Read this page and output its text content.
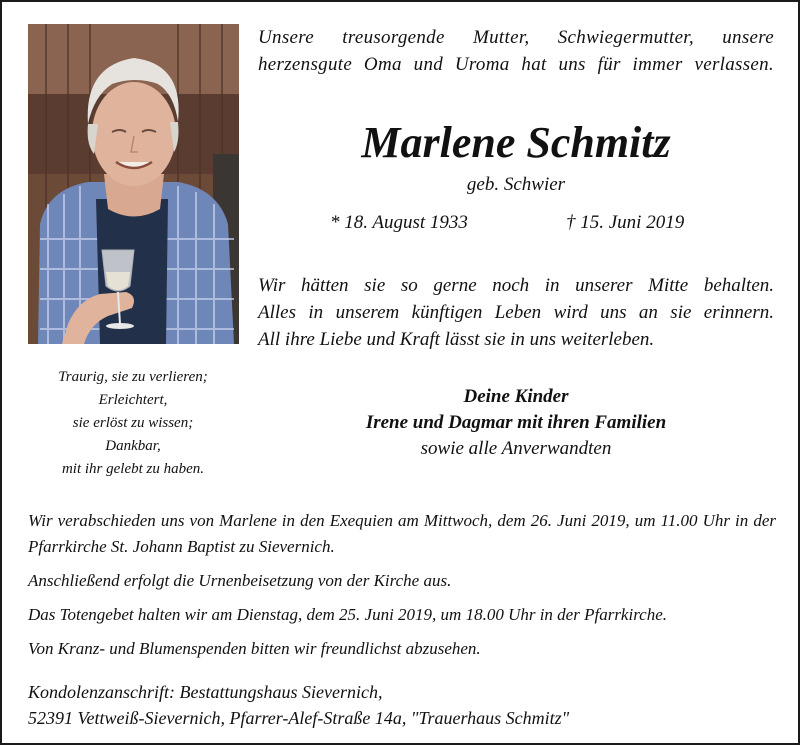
Unsere treusorgende Mutter, Schwiegermutter, unsere
herzensgute Oma und Uroma hat uns für immer verlassen.
Marlene Schmitz
geb. Schwier
* 18. August 1933	† 15. Juni 2019
Wir hätten sie so gerne noch in unserer Mitte behalten.
Alles in unserem künftigen Leben wird uns an sie erinnern.
All ihre Liebe und Kraft lässt sie in uns weiterleben.
Traurig, sie zu verlieren;
Erleichtert,
sie erlöst zu wissen;
Dankbar,
mit ihr gelebt zu haben.
Deine Kinder
Irene und Dagmar mit ihren Familien
sowie alle Anverwandten

Wir verabschieden uns von Marlene in den Exequien am Mittwoch, dem 26. Juni 2019, um 11.00 Uhr in der Pfarrkirche St. Johann Baptist zu Sievernich.

Anschließend erfolgt die Urnenbeisetzung von der Kirche aus.

Das Totengebet halten wir am Dienstag, dem 25. Juni 2019, um 18.00 Uhr in der Pfarrkirche.

Von Kranz- und Blumenspenden bitten wir freundlichst abzusehen.

Kondolenzanschrift: Bestattungshaus Sievernich,
52391 Vettweiß-Sievernich, Pfarrer-Alef-Straße 14a, "Trauerhaus Schmitz"
